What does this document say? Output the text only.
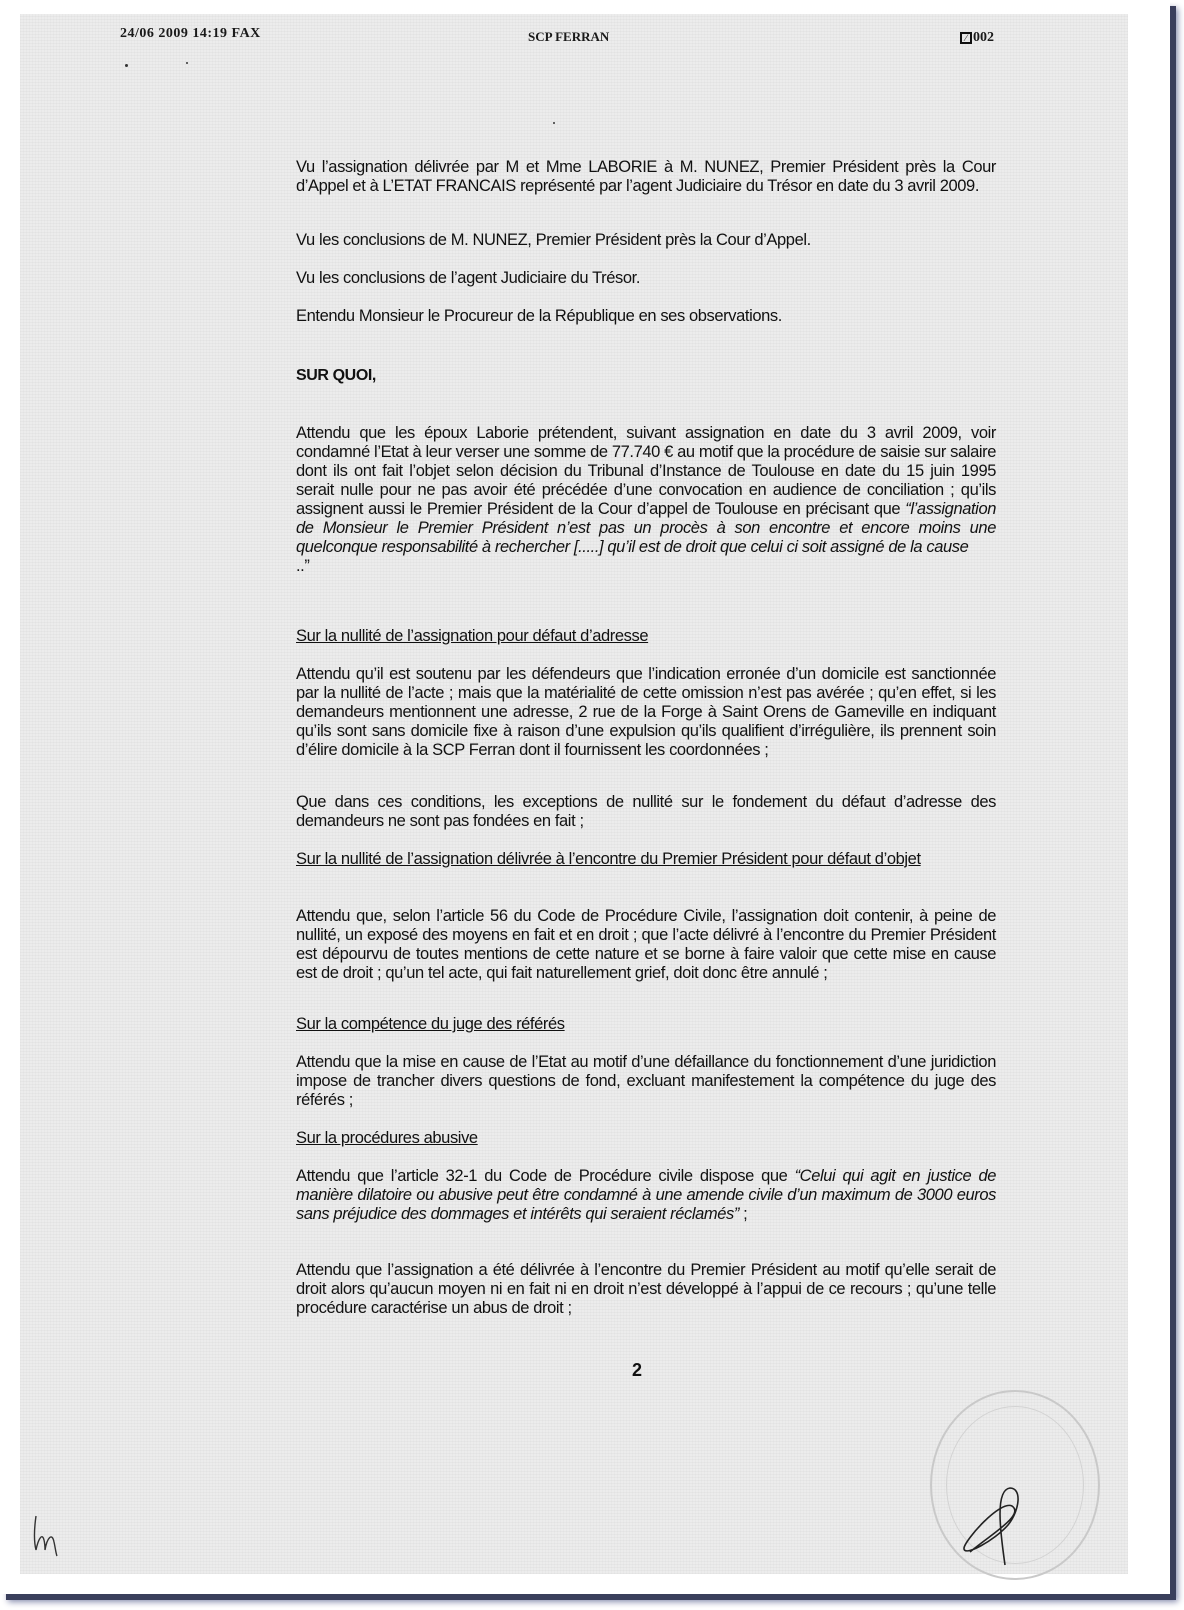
24/06 2009 14:19 FAX	SCP FERRAN	⁄ 002

Vu l’assignation délivrée par M et Mme LABORIE à M. NUNEZ, Premier Président près la Cour d’Appel et à L’ETAT FRANCAIS représenté par l’agent Judiciaire du Trésor en date du 3 avril 2009.

Vu les conclusions de M. NUNEZ, Premier Président près la Cour d’Appel.

Vu les conclusions de l’agent Judiciaire du Trésor.

Entendu Monsieur le Procureur de la République en ses observations.

SUR QUOI,

Attendu que les époux Laborie prétendent, suivant assignation en date du 3 avril 2009, voir condamné l’Etat à leur verser une somme de 77.740 € au motif que la procédure de saisie sur salaire dont ils ont fait l’objet selon décision du Tribunal d’Instance de Toulouse en date du 15 juin 1995 serait nulle pour ne pas avoir été précédée d’une convocation en audience de conciliation ; qu’ils assignent aussi le Premier Président de la Cour d’appel de Toulouse en précisant que “l’assignation de Monsieur le Premier Président n’est pas un procès à son encontre et encore moins une quelconque responsabilité à rechercher [.....] qu’il est de droit que celui ci soit assigné de la cause
..”

Sur la nullité de l’assignation pour défaut d’adresse

Attendu qu’il est soutenu par les défendeurs que l’indication erronée d’un domicile est sanctionnée par la nullité de l’acte ; mais que la matérialité de cette omission n’est pas avérée ; qu’en effet, si les demandeurs mentionnent une adresse, 2 rue de la Forge à Saint Orens de Gameville en indiquant qu’ils sont sans domicile fixe à raison d’une expulsion qu’ils qualifient d’irrégulière, ils prennent soin d’élire domicile à la SCP Ferran dont il fournissent les coordonnées ;

Que dans ces conditions, les exceptions de nullité sur le fondement du défaut d’adresse des demandeurs ne sont pas fondées en fait ;

Sur la nullité de l’assignation délivrée à l’encontre du Premier Président pour défaut d’objet

Attendu que, selon l’article 56 du Code de Procédure Civile, l’assignation doit contenir, à peine de nullité, un exposé des moyens en fait et en droit ; que l’acte délivré à l’encontre du Premier Président est dépourvu de toutes mentions de cette nature et se borne à faire valoir que cette mise en cause est de droit ; qu’un tel acte, qui fait naturellement grief, doit donc être annulé ;

Sur la compétence du juge des référés

Attendu que la mise en cause de l’Etat au motif d’une défaillance du fonctionnement d’une juridiction impose de trancher divers questions de fond, excluant manifestement la compétence du juge des référés ;

Sur la procédures abusive

Attendu que l’article 32-1 du Code de Procédure civile dispose que “Celui qui agit en justice de manière dilatoire ou abusive peut être condamné à une amende civile d’un maximum de 3000 euros sans préjudice des dommages et intérêts qui seraient réclamés” ;

Attendu que l’assignation a été délivrée à l’encontre du Premier Président au motif qu’elle serait de droit alors qu’aucun moyen ni en fait ni en droit n’est développé à l’appui de ce recours ; qu’une telle procédure caractérise un abus de droit ;

2
